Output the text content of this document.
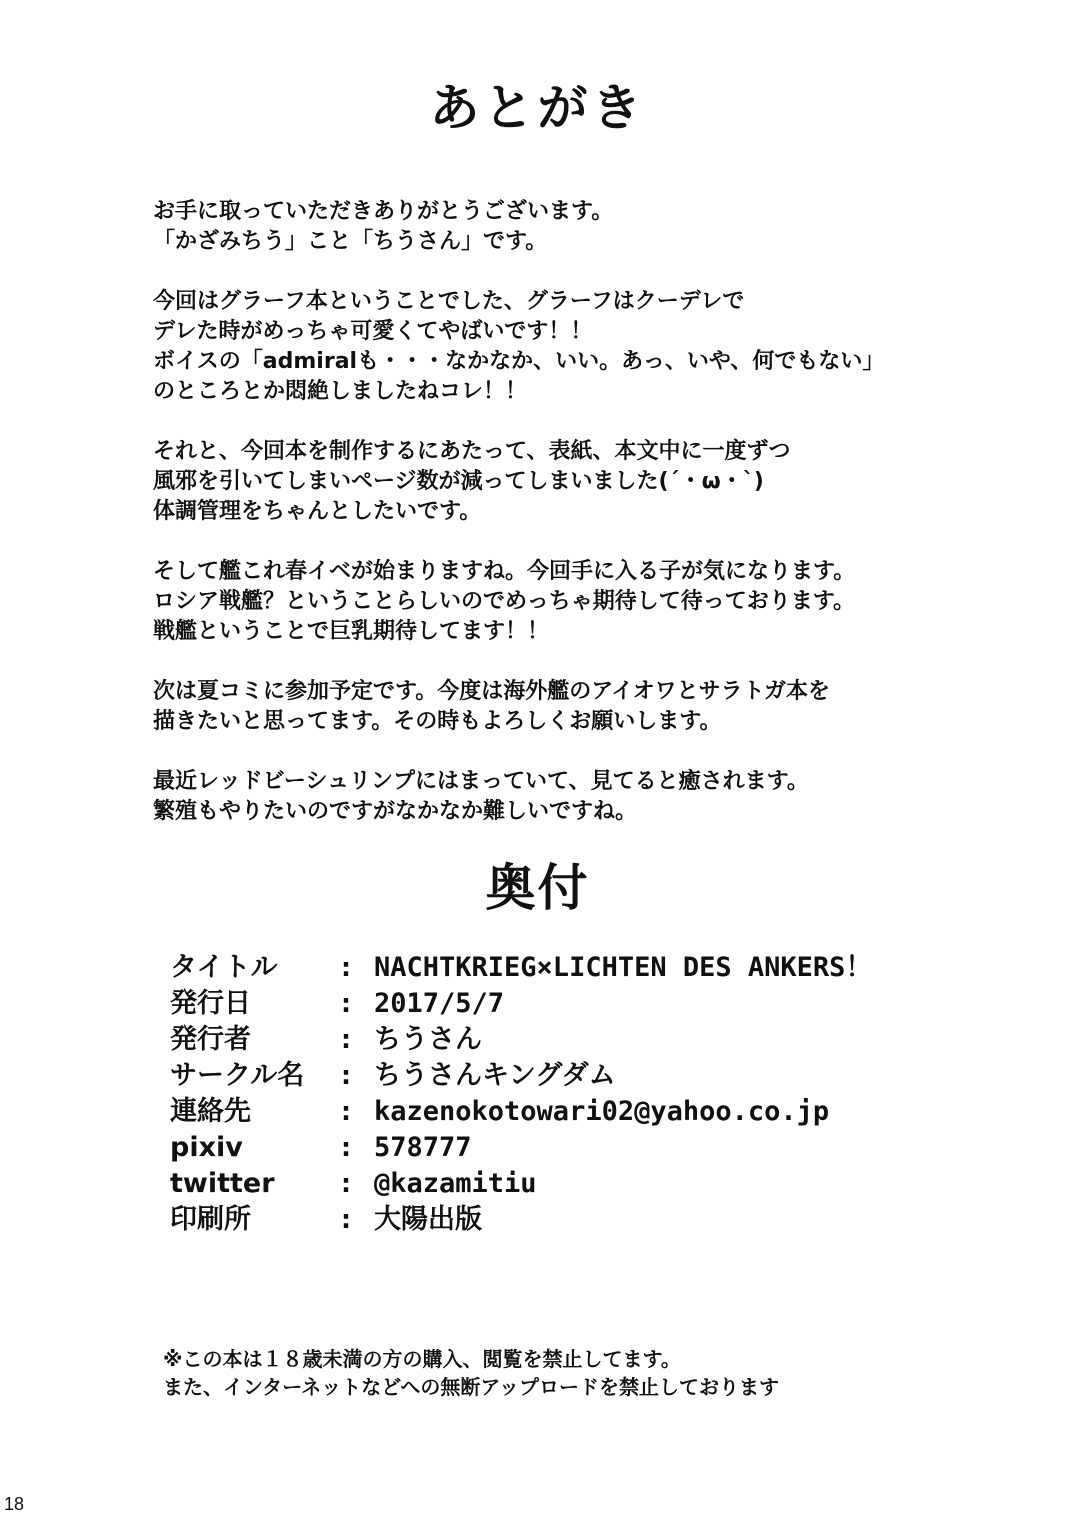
あとがき
お手に取っていただきありがとうございます。
「かざみちう」こと「ちうさん」です。
今回はグラーフ本ということでした、グラーフはクーデレで
デレた時がめっちゃ可愛くてやばいです！！
ボイスの「admiralも・・・なかなか、いい。あっ、いや、何でもない」
のところとか悶絶しましたねコレ！！
それと、今回本を制作するにあたって、表紙、本文中に一度ずつ
風邪を引いてしまいページ数が減ってしまいました(´・ω・`)
体調管理をちゃんとしたいです。
そして艦これ春イベが始まりますね。今回手に入る子が気になります。
ロシア戦艦？ということらしいのでめっちゃ期待して待っております。
戦艦ということで巨乳期待してます！！
次は夏コミに参加予定です。今度は海外艦のアイオワとサラトガ本を
描きたいと思ってます。その時もよろしくお願いします。
最近レッドビーシュリンプにはまっていて、見てると癒されます。
繁殖もやりたいのですがなかなか難しいですね。
奥付
タイトル	: NACHTKRIEG×LICHTEN DES ANKERS！
発行日	: 2017/5/7
発行者	: ちうさん
サークル名	: ちうさんキングダム
連絡先	: kazenokotowari02@yahoo.co.jp
pixiv	: 578777
twitter	: @kazamitiu
印刷所	: 大陽出版
※この本は１８歳未満の方の購入、閲覧を禁止してます。
また、インターネットなどへの無断アップロードを禁止しております
18
